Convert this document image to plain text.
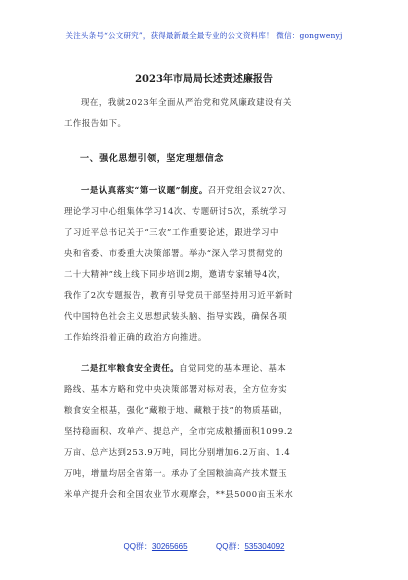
关注头条号“公文研究”，获得最新最全最专业的公文资料库！ 微信：gongwenyj
2023年市局局长述责述廉报告
现在，我就2023年全面从严治党和党风廉政建设有关
工作报告如下。
一、强化思想引领，坚定理想信念
一是认真落实“第一议题”制度。召开党组会议27次、
理论学习中心组集体学习14次、专题研讨5次，系统学习
了习近平总书记关于“三农”工作重要论述，跟进学习中
央和省委、市委重大决策部署。举办“深入学习贯彻党的
二十大精神”线上线下同步培训2期，邀请专家辅导4次，
我作了2次专题报告，教育引导党员干部坚持用习近平新时
代中国特色社会主义思想武装头脑、指导实践，确保各项
工作始终沿着正确的政治方向推进。
二是扛牢粮食安全责任。自觉同党的基本理论、基本
路线、基本方略和党中央决策部署对标对表，全方位夯实
粮食安全根基，强化“藏粮于地、藏粮于技”的物质基础，
坚持稳面积、攻单产、提总产，全市完成粮播面积1099.2
万亩、总产达到253.9万吨，同比分别增加6.2万亩、1.4
万吨，增量均居全省第一。承办了全国粮油高产技术暨玉
米单产提升会和全国农业节水观摩会，**县5000亩玉米水
QQ群：30265665	QQ群：535304092
